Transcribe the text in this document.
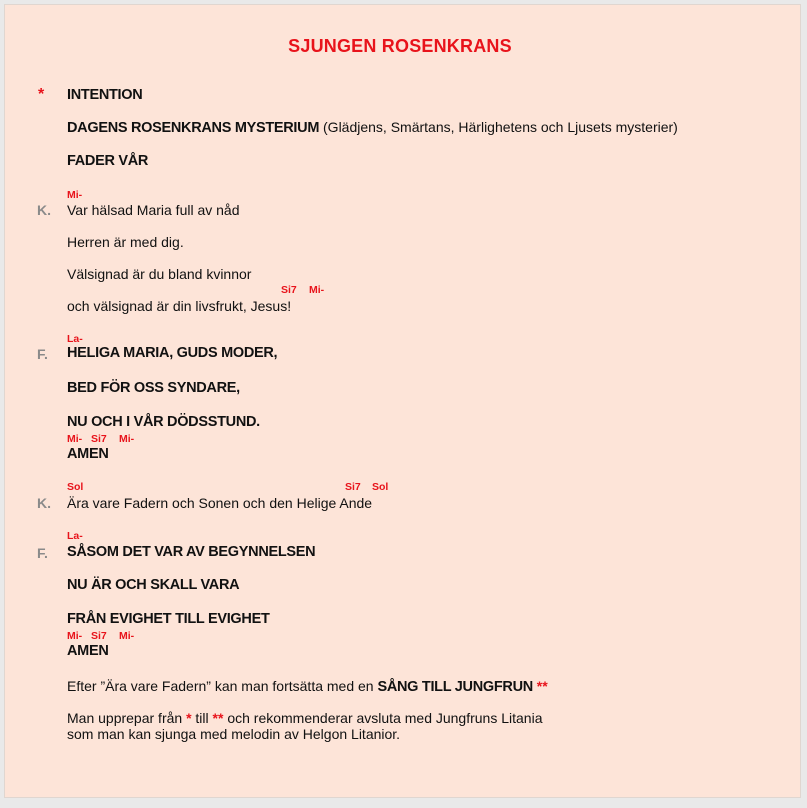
SJUNGEN ROSENKRANS
* INTENTION
DAGENS ROSENKRANS MYSTERIUM (Glädjens, Smärtans, Härlighetens och Ljusets mysterier)
FADER VÅR
Mi-
K. Var hälsad Maria full av nåd
Herren är med dig.
Välsignad är du bland kvinnor
Si7 Mi-
och välsignad är din livsfrukt, Jesus!
La-
F. HELIGA MARIA, GUDS MODER,
BED FÖR OSS SYNDARE,
NU OCH I VÅR DÖDSSTUND.
Mi- Si7 Mi-
AMEN
Sol	Si7 Sol
K. Ära vare Fadern och Sonen och den Helige Ande
La-
F. SÅSOM DET VAR AV BEGYNNELSEN
NU ÄR OCH SKALL VARA
FRÅN EVIGHET TILL EVIGHET
Mi- Si7 Mi-
AMEN
Efter ”Ära vare Fadern” kan man fortsätta med en SÅNG TILL JUNGFRUN **
Man upprepar från * till ** och rekommenderar avsluta med Jungfruns Litania
som man kan sjunga med melodin av Helgon Litanior.
